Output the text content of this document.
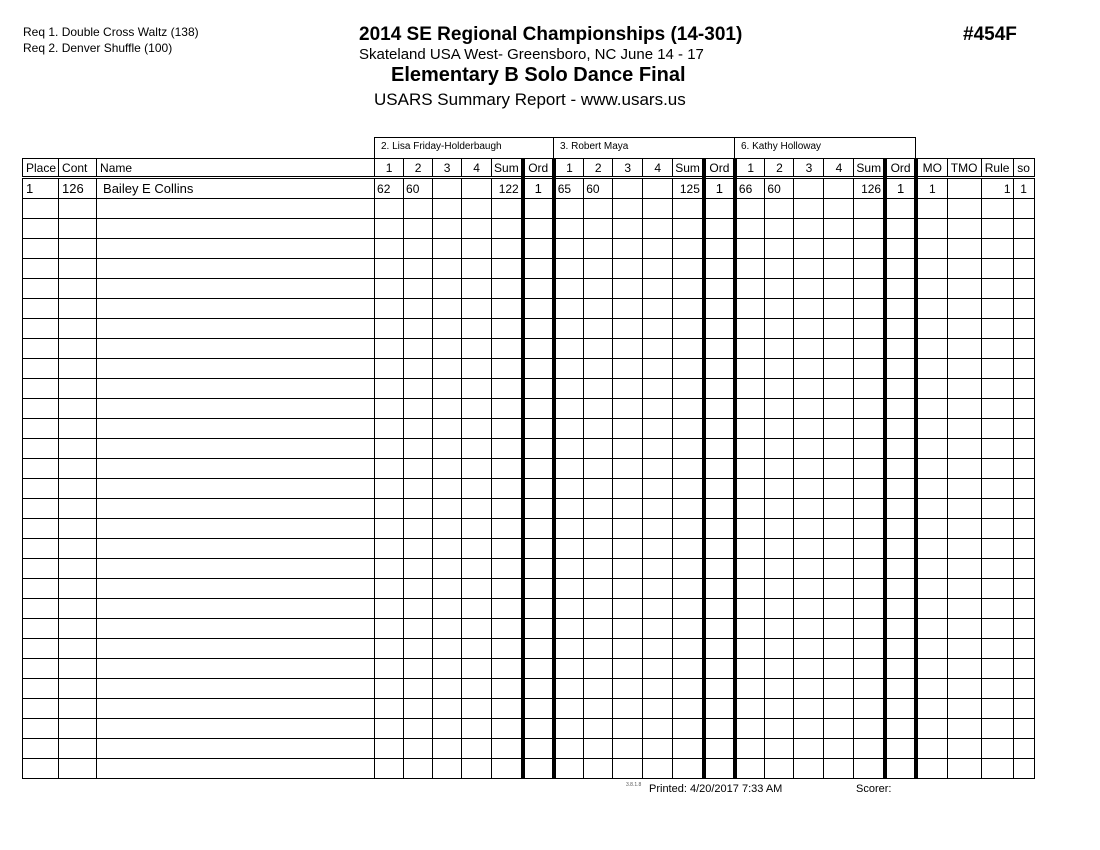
Req 1. Double Cross Waltz (138)
Req 2. Denver Shuffle (100)
2014 SE Regional Championships (14-301)
Skateland USA West- Greensboro, NC June 14 - 17
Elementary B Solo Dance Final
USARS Summary Report - www.usars.us
#454F
2. Lisa Friday-Holderbaugh	3. Robert Maya	6. Kathy Holloway
Place	Cont	Name	1	2	3	4	Sum	Ord	1	2	3	4	Sum	Ord	1	2	3	4	Sum	Ord	MO	TMO	Rule	so
1	126	Bailey E Collins	62	60			122	1	65	60			125	1	66	60			126	1	1		1	1

3.8.1.8 Printed: 4/20/2017 7:33 AM	Scorer:
